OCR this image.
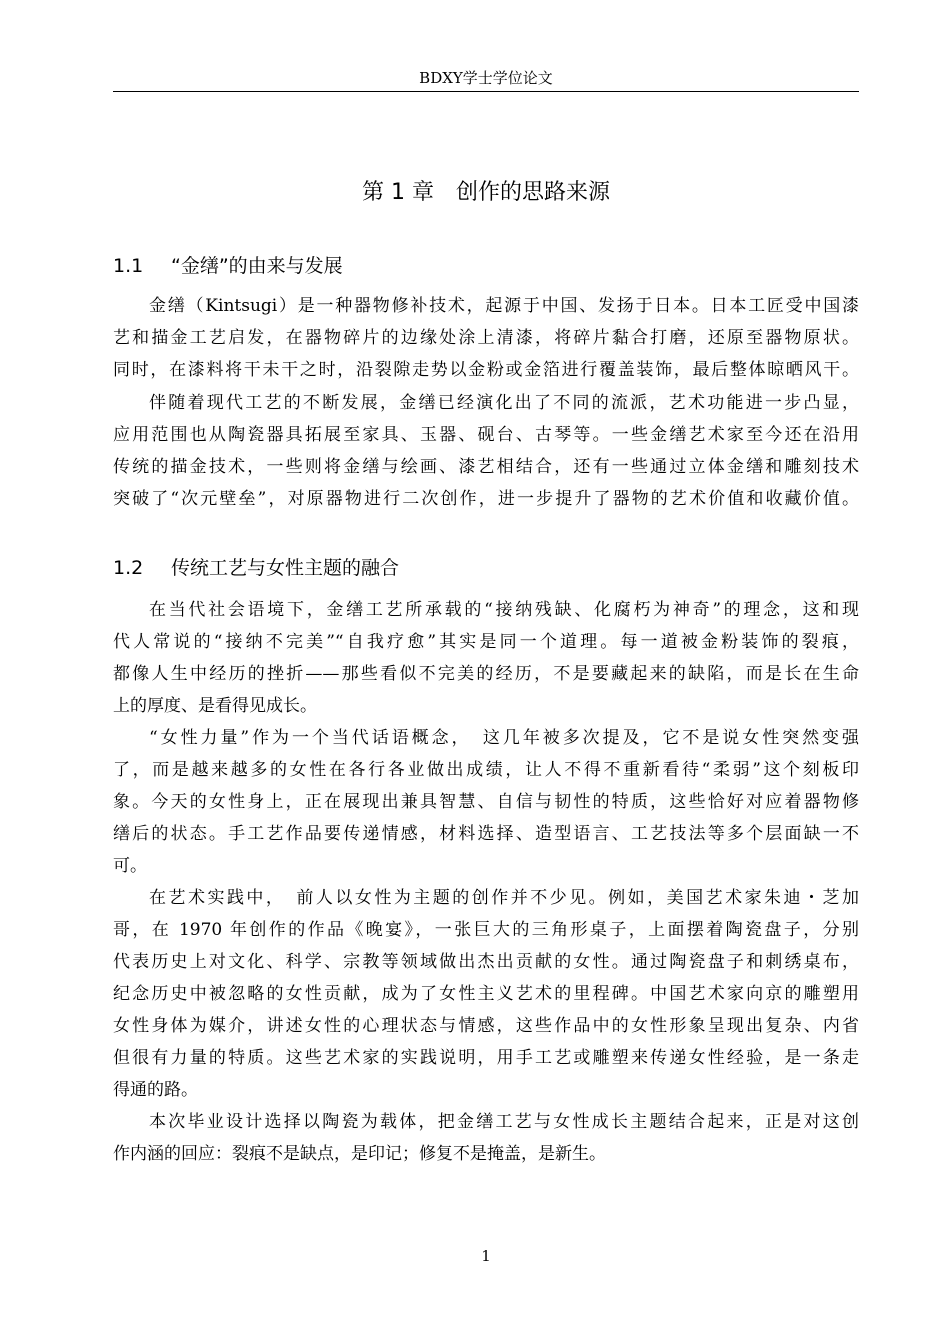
BDXY学士学位论文
第 1 章　创作的思路来源
1.1 “金缮”的由来与发展
金缮（Kintsugi）是一种器物修补技术，起源于中国、发扬于日本。日本工匠受中国漆
艺和描金工艺启发，在器物碎片的边缘处涂上清漆，将碎片黏合打磨，还原至器物原状。
同时，在漆料将干未干之时，沿裂隙走势以金粉或金箔进行覆盖装饰，最后整体晾晒风干。
伴随着现代工艺的不断发展，金缮已经演化出了不同的流派，艺术功能进一步凸显，
应用范围也从陶瓷器具拓展至家具、玉器、砚台、古琴等。一些金缮艺术家至今还在沿用
传统的描金技术，一些则将金缮与绘画、漆艺相结合，还有一些通过立体金缮和雕刻技术
突破了“次元壁垒”，对原器物进行二次创作，进一步提升了器物的艺术价值和收藏价值。
1.2 传统工艺与女性主题的融合
在当代社会语境下，金缮工艺所承载的“接纳残缺、化腐朽为神奇”的理念，这和现
代人常说的“接纳不完美”“自我疗愈”其实是同一个道理。每一道被金粉装饰的裂痕，
都像人生中经历的挫折——那些看似不完美的经历，不是要藏起来的缺陷，而是长在生命
上的厚度、是看得见成长。
“女性力量”作为一个当代话语概念，　这几年被多次提及，它不是说女性突然变强
了，而是越来越多的女性在各行各业做出成绩，让人不得不重新看待“柔弱”这个刻板印
象。今天的女性身上，正在展现出兼具智慧、自信与韧性的特质，这些恰好对应着器物修
缮后的状态。手工艺作品要传递情感，材料选择、造型语言、工艺技法等多个层面缺一不
可。
在艺术实践中，　前人以女性为主题的创作并不少见。例如，美国艺术家朱迪・芝加
哥，在 1970 年创作的作品《晚宴》，一张巨大的三角形桌子，上面摆着陶瓷盘子，分别
代表历史上对文化、科学、宗教等领域做出杰出贡献的女性。通过陶瓷盘子和刺绣桌布，
纪念历史中被忽略的女性贡献，成为了女性主义艺术的里程碑。中国艺术家向京的雕塑用
女性身体为媒介，讲述女性的心理状态与情感，这些作品中的女性形象呈现出复杂、内省
但很有力量的特质。这些艺术家的实践说明，用手工艺或雕塑来传递女性经验，是一条走
得通的路。
本次毕业设计选择以陶瓷为载体，把金缮工艺与女性成长主题结合起来，正是对这创
作内涵的回应：裂痕不是缺点，是印记；修复不是掩盖，是新生。
1
